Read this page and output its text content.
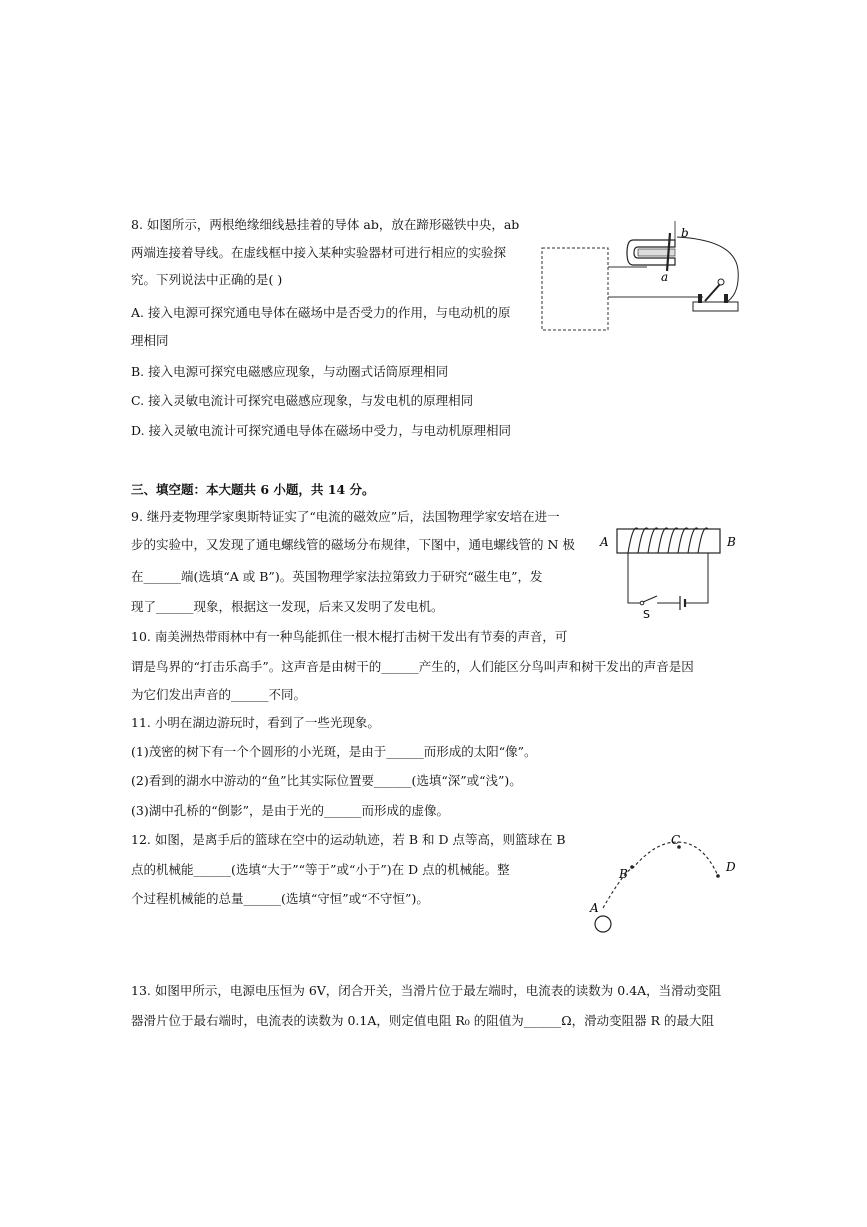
8. 如图所示，两根绝缘细线悬挂着的导体 ab，放在蹄形磁铁中央，ab
两端连接着导线。在虚线框中接入某种实验器材可进行相应的实验探
究。下列说法中正确的是( )
A. 接入电源可探究通电导体在磁场中是否受力的作用，与电动机的原
理相同
B. 接入电源可探究电磁感应现象，与动圈式话筒原理相同
C. 接入灵敏电流计可探究电磁感应现象，与发电机的原理相同
D. 接入灵敏电流计可探究通电导体在磁场中受力，与电动机原理相同
b
a
三、填空题：本大题共 6 小题，共 14 分。
9. 继丹麦物理学家奥斯特证实了“电流的磁效应”后，法国物理学家安培在进一
步的实验中，又发现了通电螺线管的磁场分布规律，下图中，通电螺线管的 N 极
在______端(选填“A 或 B”)。英国物理学家法拉第致力于研究“磁生电”，发
现了______现象，根据这一发现，后来又发明了发电机。
A	B
S
10. 南美洲热带雨林中有一种鸟能抓住一根木棍打击树干发出有节奏的声音，可
谓是鸟界的“打击乐高手”。这声音是由树干的______产生的，人们能区分鸟叫声和树干发出的声音是因
为它们发出声音的______不同。
11. 小明在湖边游玩时，看到了一些光现象。
(1)茂密的树下有一个个圆形的小光斑，是由于______而形成的太阳“像”。
(2)看到的湖水中游动的“鱼”比其实际位置要______(选填“深”或“浅”)。
(3)湖中孔桥的“倒影”，是由于光的______而形成的虚像。
12. 如图，是离手后的篮球在空中的运动轨迹，若 B 和 D 点等高，则篮球在 B
点的机械能______(选填“大于”“等于”或“小于”)在 D 点的机械能。整
个过程机械能的总量______(选填“守恒”或“不守恒”)。
A
B
C
D
13. 如图甲所示，电源电压恒为 6V，闭合开关，当滑片位于最左端时，电流表的读数为 0.4A，当滑动变阻
器滑片位于最右端时，电流表的读数为 0.1A，则定值电阻 R₀ 的阻值为______Ω，滑动变阻器 R 的最大阻
